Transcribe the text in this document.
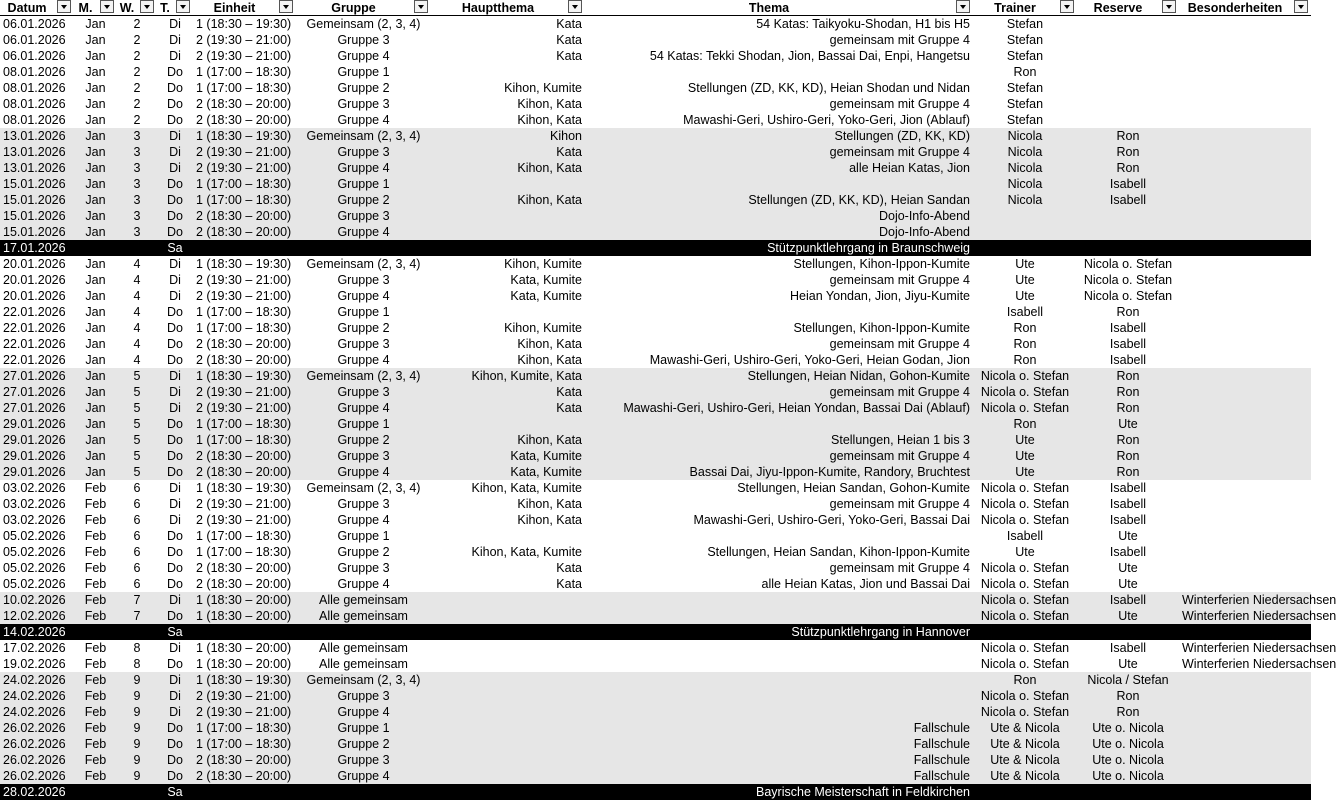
Datum	M.	W.	T.	Einheit	Gruppe	Hauptthema	Thema	Trainer	Reserve	Besonderheiten

06.01.2026	Jan	2	Di	1 (18:30 – 19:30)	Gemeinsam (2, 3, 4)	Kata	54 Katas: Taikyoku-Shodan, H1 bis H5	Stefan		
06.01.2026	Jan	2	Di	2 (19:30 – 21:00)	Gruppe 3	Kata	gemeinsam mit Gruppe 4	Stefan		
06.01.2026	Jan	2	Di	2 (19:30 – 21:00)	Gruppe 4	Kata	54 Katas: Tekki Shodan, Jion, Bassai Dai, Enpi, Hangetsu	Stefan		
08.01.2026	Jan	2	Do	1 (17:00 – 18:30)	Gruppe 1			Ron		
08.01.2026	Jan	2	Do	1 (17:00 – 18:30)	Gruppe 2	Kihon, Kumite	Stellungen (ZD, KK, KD), Heian Shodan und Nidan	Stefan		
08.01.2026	Jan	2	Do	2 (18:30 – 20:00)	Gruppe 3	Kihon, Kata	gemeinsam mit Gruppe 4	Stefan		
08.01.2026	Jan	2	Do	2 (18:30 – 20:00)	Gruppe 4	Kihon, Kata	Mawashi-Geri, Ushiro-Geri, Yoko-Geri, Jion (Ablauf)	Stefan		
13.01.2026	Jan	3	Di	1 (18:30 – 19:30)	Gemeinsam (2, 3, 4)	Kihon	Stellungen (ZD, KK, KD)	Nicola	Ron	
13.01.2026	Jan	3	Di	2 (19:30 – 21:00)	Gruppe 3	Kata	gemeinsam mit Gruppe 4	Nicola	Ron	
13.01.2026	Jan	3	Di	2 (19:30 – 21:00)	Gruppe 4	Kihon, Kata	alle Heian Katas, Jion	Nicola	Ron	
15.01.2026	Jan	3	Do	1 (17:00 – 18:30)	Gruppe 1			Nicola	Isabell	
15.01.2026	Jan	3	Do	1 (17:00 – 18:30)	Gruppe 2	Kihon, Kata	Stellungen (ZD, KK, KD), Heian Sandan	Nicola	Isabell	
15.01.2026	Jan	3	Do	2 (18:30 – 20:00)	Gruppe 3		Dojo-Info-Abend			
15.01.2026	Jan	3	Do	2 (18:30 – 20:00)	Gruppe 4		Dojo-Info-Abend			
17.01.2026			Sa				Stützpunktlehrgang in Braunschweig			
20.01.2026	Jan	4	Di	1 (18:30 – 19:30)	Gemeinsam (2, 3, 4)	Kihon, Kumite	Stellungen, Kihon-Ippon-Kumite	Ute	Nicola o. Stefan	
20.01.2026	Jan	4	Di	2 (19:30 – 21:00)	Gruppe 3	Kata, Kumite	gemeinsam mit Gruppe 4	Ute	Nicola o. Stefan	
20.01.2026	Jan	4	Di	2 (19:30 – 21:00)	Gruppe 4	Kata, Kumite	Heian Yondan, Jion, Jiyu-Kumite	Ute	Nicola o. Stefan	
22.01.2026	Jan	4	Do	1 (17:00 – 18:30)	Gruppe 1			Isabell	Ron	
22.01.2026	Jan	4	Do	1 (17:00 – 18:30)	Gruppe 2	Kihon, Kumite	Stellungen, Kihon-Ippon-Kumite	Ron	Isabell	
22.01.2026	Jan	4	Do	2 (18:30 – 20:00)	Gruppe 3	Kihon, Kata	gemeinsam mit Gruppe 4	Ron	Isabell	
22.01.2026	Jan	4	Do	2 (18:30 – 20:00)	Gruppe 4	Kihon, Kata	Mawashi-Geri, Ushiro-Geri, Yoko-Geri, Heian Godan, Jion	Ron	Isabell	
27.01.2026	Jan	5	Di	1 (18:30 – 19:30)	Gemeinsam (2, 3, 4)	Kihon, Kumite, Kata	Stellungen, Heian Nidan, Gohon-Kumite	Nicola o. Stefan	Ron	
27.01.2026	Jan	5	Di	2 (19:30 – 21:00)	Gruppe 3	Kata	gemeinsam mit Gruppe 4	Nicola o. Stefan	Ron	
27.01.2026	Jan	5	Di	2 (19:30 – 21:00)	Gruppe 4	Kata	Mawashi-Geri, Ushiro-Geri, Heian Yondan, Bassai Dai (Ablauf)	Nicola o. Stefan	Ron	
29.01.2026	Jan	5	Do	1 (17:00 – 18:30)	Gruppe 1			Ron	Ute	
29.01.2026	Jan	5	Do	1 (17:00 – 18:30)	Gruppe 2	Kihon, Kata	Stellungen, Heian 1 bis 3	Ute	Ron	
29.01.2026	Jan	5	Do	2 (18:30 – 20:00)	Gruppe 3	Kata, Kumite	gemeinsam mit Gruppe 4	Ute	Ron	
29.01.2026	Jan	5	Do	2 (18:30 – 20:00)	Gruppe 4	Kata, Kumite	Bassai Dai, Jiyu-Ippon-Kumite, Randory, Bruchtest	Ute	Ron	
03.02.2026	Feb	6	Di	1 (18:30 – 19:30)	Gemeinsam (2, 3, 4)	Kihon, Kata, Kumite	Stellungen, Heian Sandan, Gohon-Kumite	Nicola o. Stefan	Isabell	
03.02.2026	Feb	6	Di	2 (19:30 – 21:00)	Gruppe 3	Kihon, Kata	gemeinsam mit Gruppe 4	Nicola o. Stefan	Isabell	
03.02.2026	Feb	6	Di	2 (19:30 – 21:00)	Gruppe 4	Kihon, Kata	Mawashi-Geri, Ushiro-Geri, Yoko-Geri, Bassai Dai	Nicola o. Stefan	Isabell	
05.02.2026	Feb	6	Do	1 (17:00 – 18:30)	Gruppe 1			Isabell	Ute	
05.02.2026	Feb	6	Do	1 (17:00 – 18:30)	Gruppe 2	Kihon, Kata, Kumite	Stellungen, Heian Sandan, Kihon-Ippon-Kumite	Ute	Isabell	
05.02.2026	Feb	6	Do	2 (18:30 – 20:00)	Gruppe 3	Kata	gemeinsam mit Gruppe 4	Nicola o. Stefan	Ute	
05.02.2026	Feb	6	Do	2 (18:30 – 20:00)	Gruppe 4	Kata	alle Heian Katas, Jion und Bassai Dai	Nicola o. Stefan	Ute	
10.02.2026	Feb	7	Di	1 (18:30 – 20:00)	Alle gemeinsam			Nicola o. Stefan	Isabell	Winterferien Niedersachsen
12.02.2026	Feb	7	Do	1 (18:30 – 20:00)	Alle gemeinsam			Nicola o. Stefan	Ute	Winterferien Niedersachsen
14.02.2026			Sa				Stützpunktlehrgang in Hannover			
17.02.2026	Feb	8	Di	1 (18:30 – 20:00)	Alle gemeinsam			Nicola o. Stefan	Isabell	Winterferien Niedersachsen
19.02.2026	Feb	8	Do	1 (18:30 – 20:00)	Alle gemeinsam			Nicola o. Stefan	Ute	Winterferien Niedersachsen
24.02.2026	Feb	9	Di	1 (18:30 – 19:30)	Gemeinsam (2, 3, 4)			Ron	Nicola / Stefan	
24.02.2026	Feb	9	Di	2 (19:30 – 21:00)	Gruppe 3			Nicola o. Stefan	Ron	
24.02.2026	Feb	9	Di	2 (19:30 – 21:00)	Gruppe 4			Nicola o. Stefan	Ron	
26.02.2026	Feb	9	Do	1 (17:00 – 18:30)	Gruppe 1		Fallschule	Ute & Nicola	Ute o. Nicola	
26.02.2026	Feb	9	Do	1 (17:00 – 18:30)	Gruppe 2		Fallschule	Ute & Nicola	Ute o. Nicola	
26.02.2026	Feb	9	Do	2 (18:30 – 20:00)	Gruppe 3		Fallschule	Ute & Nicola	Ute o. Nicola	
26.02.2026	Feb	9	Do	2 (18:30 – 20:00)	Gruppe 4		Fallschule	Ute & Nicola	Ute o. Nicola	
28.02.2026			Sa				Bayrische Meisterschaft in Feldkirchen			
